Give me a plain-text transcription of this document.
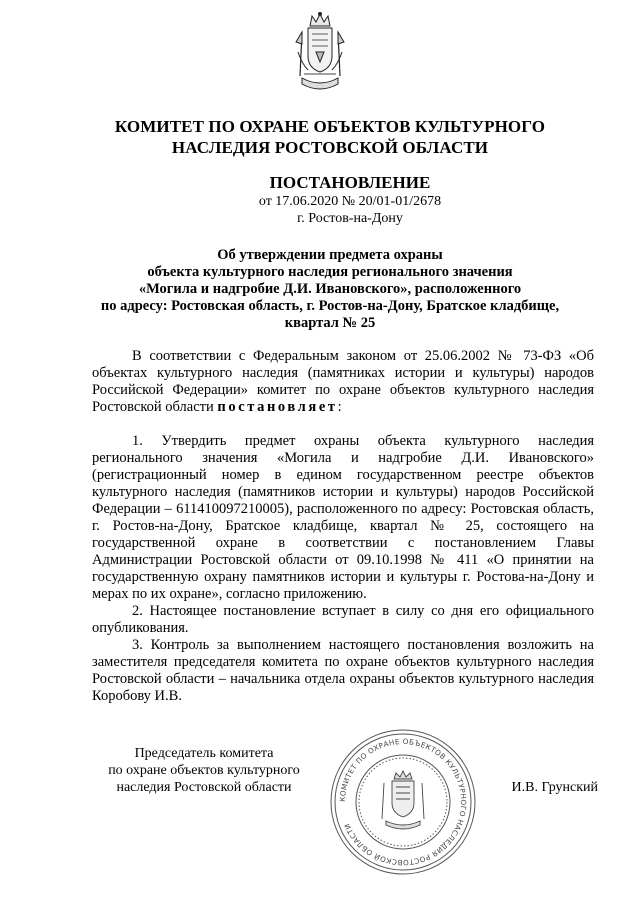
КОМИТЕТ ПО ОХРАНЕ ОБЪЕКТОВ КУЛЬТУРНОГО
НАСЛЕДИЯ РОСТОВСКОЙ ОБЛАСТИ
ПОСТАНОВЛЕНИЕ
от 17.06.2020 № 20/01-01/2678
г. Ростов-на-Дону
Об утверждении предмета охраны
объекта культурного наследия регионального значения
«Могила и надгробие Д.И. Ивановского», расположенного
по адресу: Ростовская область, г. Ростов-на-Дону, Братское кладбище,
квартал № 25

В соответствии с Федеральным законом от 25.06.2002 № 73-ФЗ «Об объектах культурного наследия (памятниках истории и культуры) народов Российской Федерации» комитет по охране объектов культурного наследия Ростовской области постановляет:

1. Утвердить предмет охраны объекта культурного наследия регионального значения «Могила и надгробие Д.И. Ивановского» (регистрационный номер в едином государственном реестре объектов культурного наследия (памятников истории и культуры) народов Российской Федерации – 611410097210005), расположенного по адресу: Ростовская область, г. Ростов-на-Дону, Братское кладбище, квартал № 25, состоящего на государственной охране в соответствии с постановлением Главы Администрации Ростовской области от 09.10.1998 № 411 «О принятии на государственную охрану памятников истории и культуры г. Ростова-на-Дону и мерах по их охране», согласно приложению.

2. Настоящее постановление вступает в силу со дня его официального опубликования.

3. Контроль за выполнением настоящего постановления возложить на заместителя председателя комитета по охране объектов культурного наследия Ростовской области – начальника отдела охраны объектов культурного наследия Коробову И.В.

Председатель комитета
по охране объектов культурного
наследия Ростовской области
КОМИТЕТ ПО ОХРАНЕ ОБЪЕКТОВ КУЛЬТУРНОГО НАСЛЕДИЯ РОСТОВСКОЙ ОБЛАСТИ
И.В. Грунский
